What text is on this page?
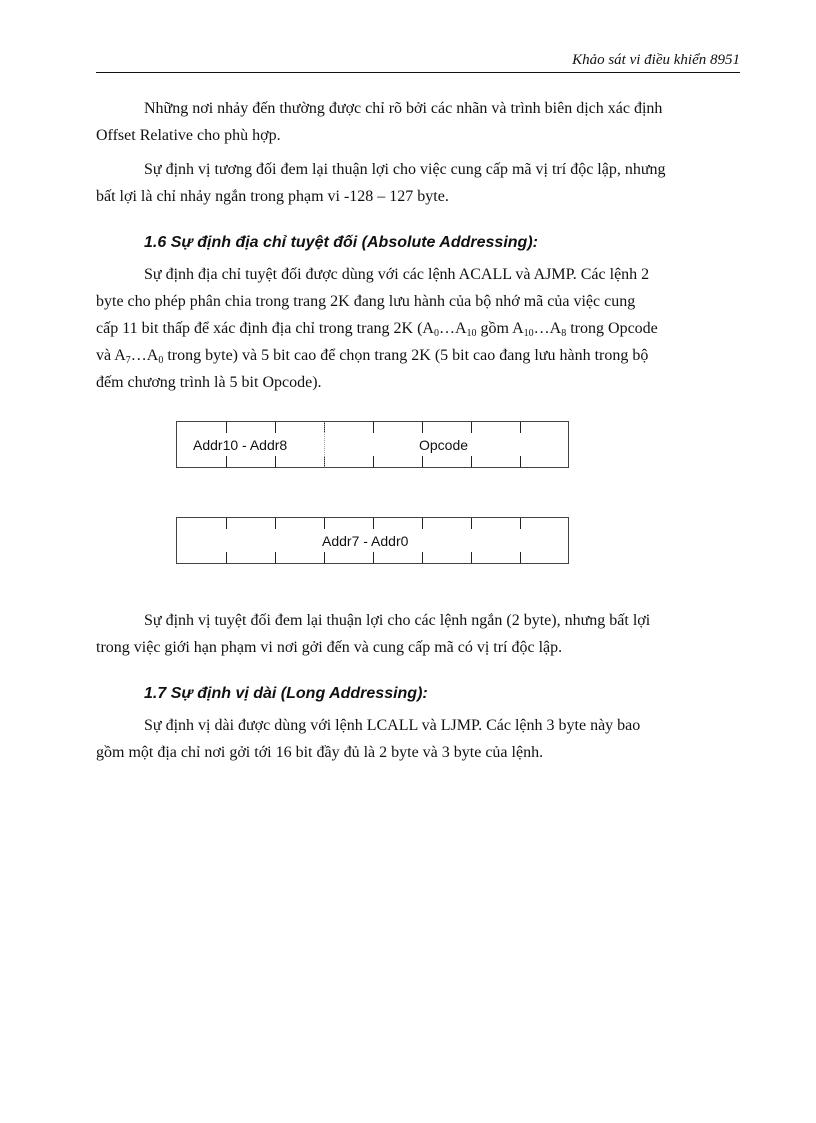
Khảo sát vi điều khiển 8951

Những nơi nhảy đến thường được chỉ rõ bởi các nhãn và trình biên dịch xác định
Offset Relative cho phù hợp.

Sự định vị tương đối đem lại thuận lợi cho việc cung cấp mã vị trí độc lập, nhưng
bất lợi là chỉ nhảy ngắn trong phạm vi -128 – 127 byte.

1.6 Sự định địa chỉ tuyệt đối (Absolute Addressing):

Sự định địa chỉ tuyệt đối được dùng với các lệnh ACALL và AJMP. Các lệnh 2
byte cho phép phân chia trong trang 2K đang lưu hành của bộ nhớ mã của việc cung
cấp 11 bit thấp để xác định địa chỉ trong trang 2K ($A_0\dots A_{10}$ gồm $A_{10}\dots A_8$ trong Opcode
và $A_7\dots A_0$ trong byte) và 5 bit cao để chọn trang 2K (5 bit cao đang lưu hành trong bộ
đếm chương trình là 5 bit Opcode).

Addr10 - Addr8	Opcode
Addr7 - Addr0

Sự định vị tuyệt đối đem lại thuận lợi cho các lệnh ngắn (2 byte), nhưng bất lợi
trong việc giới hạn phạm vi nơi gởi đến và cung cấp mã có vị trí độc lập.

1.7 Sự định vị dài (Long Addressing):

Sự định vị dài được dùng với lệnh LCALL và LJMP. Các lệnh 3 byte này bao
gồm một địa chỉ nơi gởi tới 16 bit đầy đủ là 2 byte và 3 byte của lệnh.
